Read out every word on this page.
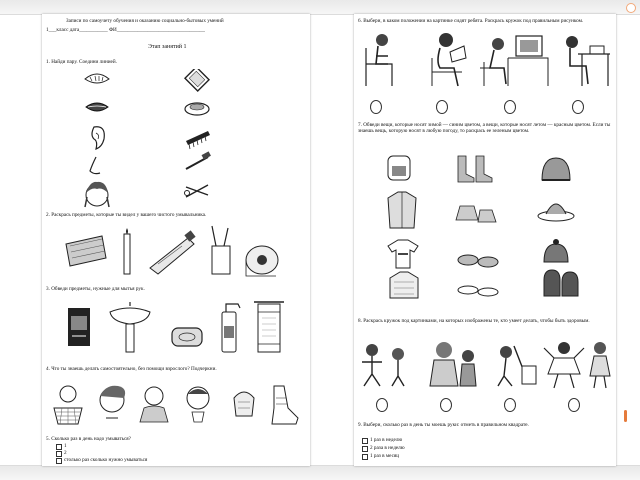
Записи по самоучету обучения и оказанию социально-бытовых умений
1___класс дата___________ ФИ__________________________________
Этап занятий 1
1. Найди пару. Соедини линией.
2. Раскрась предметы, которые ты видел у вашего чистого умывальника.
3. Обведи предметы, нужные для мытья рук.
4. Что ты знаешь делать самостоятельно, без помощи взрослого? Подчеркни.
5. Сколько раз в день надо умываться?
1
2
столько раз сколько нужно умываться
6. Выбери, в каком положении на картинке сидят ребята. Раскрась кружок под правильным рисунком.
7. Обведи вещи, которые носят зимой — синим цветом, а вещи, которые носят летом — красным цветом. Если ты знаешь вещь, которую носят в любую погоду, то раскрась ее зеленым цветом.
8. Раскрась кружок под картинками, на которых изображены те, кто умеет делать, чтобы быть здоровым.
9. Выбери, сколько раз в день ты моешь руки: отметь в правильном квадрате.
1 раз в неделю
2 раза в неделю
1 раз в месяц
